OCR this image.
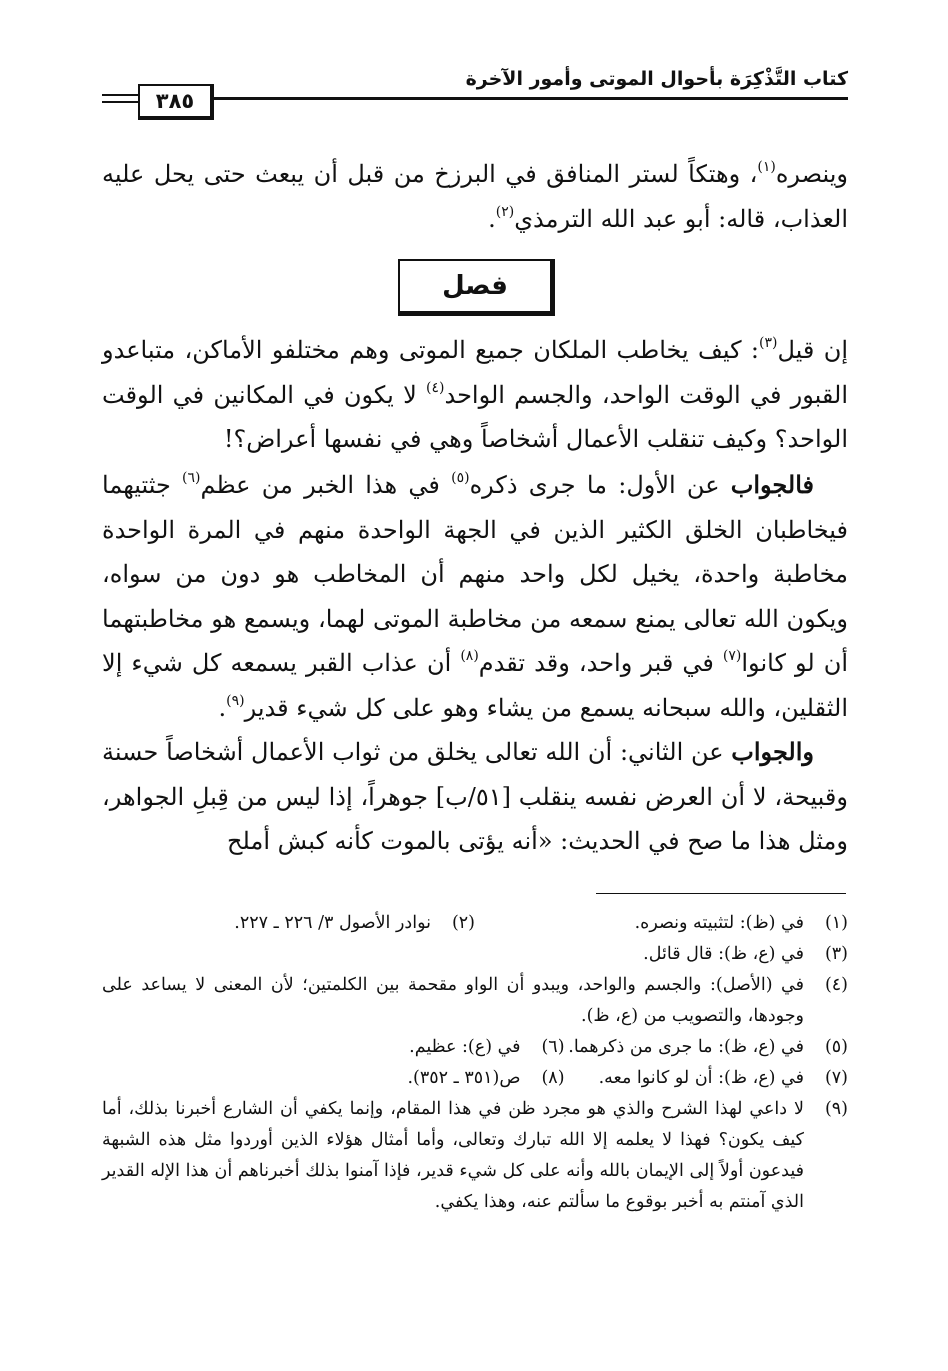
كتاب التَّذْكِرَة بأحوال الموتى وأمور الآخرة
٣٨٥
وينصره$^{(١)}$، وهتكاً لستر المنافق في البرزخ من قبل أن يبعث حتى يحل عليه العذاب، قاله: أبو عبد الله الترمذي$^{(٢)}$.
فصل
إن قيل$^{(٣)}$: كيف يخاطب الملكان جميع الموتى وهم مختلفو الأماكن، متباعدو القبور في الوقت الواحد، والجسم الواحد$^{(٤)}$ لا يكون في المكانين في الوقت الواحد؟ وكيف تنقلب الأعمال أشخاصاً وهي في نفسها أعراض؟!
فالجواب عن الأول: ما جرى ذكره$^{(٥)}$ في هذا الخبر من عظم$^{(٦)}$ جثتيهما فيخاطبان الخلق الكثير الذين في الجهة الواحدة منهم في المرة الواحدة مخاطبة واحدة، يخيل لكل واحد منهم أن المخاطب هو دون من سواه، ويكون الله تعالى يمنع سمعه من مخاطبة الموتى لهما، ويسمع هو مخاطبتهما أن لو كانوا$^{(٧)}$ في قبر واحد، وقد تقدم$^{(٨)}$ أن عذاب القبر يسمعه كل شيء إلا الثقلين، والله سبحانه يسمع من يشاء وهو على كل شيء قدير$^{(٩)}$.
والجواب عن الثاني: أن الله تعالى يخلق من ثواب الأعمال أشخاصاً حسنة وقبيحة، لا أن العرض نفسه ينقلب [٥١/ب] جوهراً، إذا ليس من قِبلِ الجواهر، ومثل هذا ما صح في الحديث: «أنه يؤتى بالموت كأنه كبش أملح
(١)
في (ظ): لتثبيته ونصره.
(٢)
نوادر الأصول ٣/ ٢٢٦ ـ ٢٢٧.
(٣)
في (ع، ظ): قال قائل.
(٤)
في (الأصل): والجسم والواحد، ويبدو أن الواو مقحمة بين الكلمتين؛ لأن المعنى لا يساعد على وجودها، والتصويب من (ع، ظ).
(٥)
في (ع، ظ): ما جرى من ذكرهما.
(٦)
في (ع): عظيم.
(٧)
في (ع، ظ): أن لو كانوا معه.
(٨)
ص(٣٥١ ـ ٣٥٢).
(٩)
لا داعي لهذا الشرح والذي هو مجرد ظن في هذا المقام، وإنما يكفي أن الشارع أخبرنا بذلك، أما كيف يكون؟ فهذا لا يعلمه إلا الله تبارك وتعالى، وأما أمثال هؤلاء الذين أوردوا مثل هذه الشبهة فيدعون أولاً إلى الإيمان بالله وأنه على كل شيء قدير، فإذا آمنوا بذلك أخبرناهم أن هذا الإله القدير الذي آمنتم به أخبر بوقوع ما سألتم عنه، وهذا يكفي.
